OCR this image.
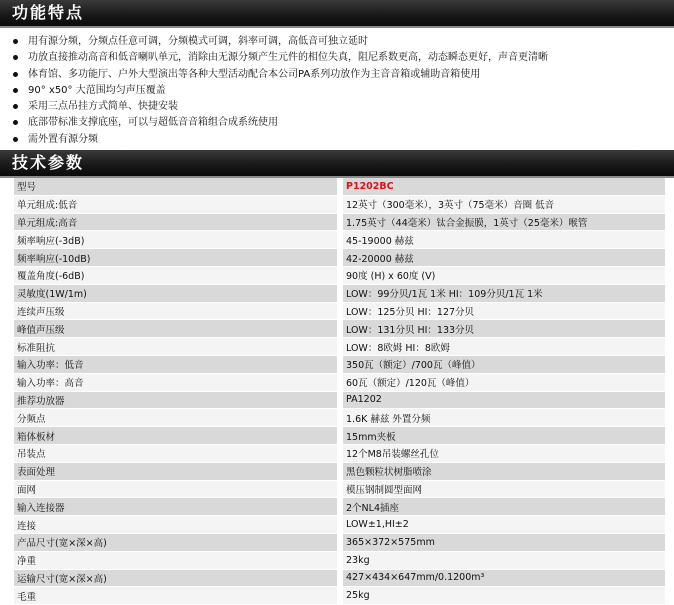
功能特点
用有源分频，分频点任意可调，分频模式可调，斜率可调，高低音可独立延时
功放直接推动高音和低音喇叭单元，消除由无源分频产生元件的相位失真，阻尼系数更高，动态瞬态更好，声音更清晰
体育馆、多功能厅、户外大型演出等各种大型活动配合本公司PA系列功放作为主音音箱或辅助音箱使用
90° x50° 大范围均匀声压覆盖
采用三点吊挂方式简单、快捷安装
底部带标准支撑底座，可以与超低音音箱组合成系统使用
需外置有源分频
技术参数
型号		P1202BC
单元组成:低音		12英寸（300毫米），3英寸（75毫米）音圈 低音
单元组成:高音		1.75英寸（44毫米）钛合金振膜，1英寸（25毫米）喉管
频率响应(-3dB)		45-19000 赫兹
频率响应(-10dB)		42-20000 赫兹
覆盖角度(-6dB)		90度 (H) x 60度 (V)
灵敏度(1W/1m)		LOW：99分贝/1瓦 1米 HI：109分贝/1瓦 1米
连续声压级		LOW：125分贝 HI：127分贝
峰值声压级		LOW：131分贝 HI：133分贝
标准阻抗		LOW：8欧姆 HI：8欧姆
输入功率：低音		350瓦（额定）/700瓦（峰值）
输入功率：高音		60瓦（额定）/120瓦（峰值）
推荐功放器		PA1202
分频点		1.6K 赫兹 外置分频
箱体板材		15mm夹板
吊装点		12个M8吊装螺丝孔位
表面处理		黑色颗粒状树脂喷涂
面网		模压钢制圆型面网
输入连接器		2个NL4插座
连接		LOW±1,HI±2
产品尺寸(宽×深×高)		365×372×575mm
净重		23kg
运输尺寸(宽×深×高)		427×434×647mm/0.1200m³
毛重		25kg
